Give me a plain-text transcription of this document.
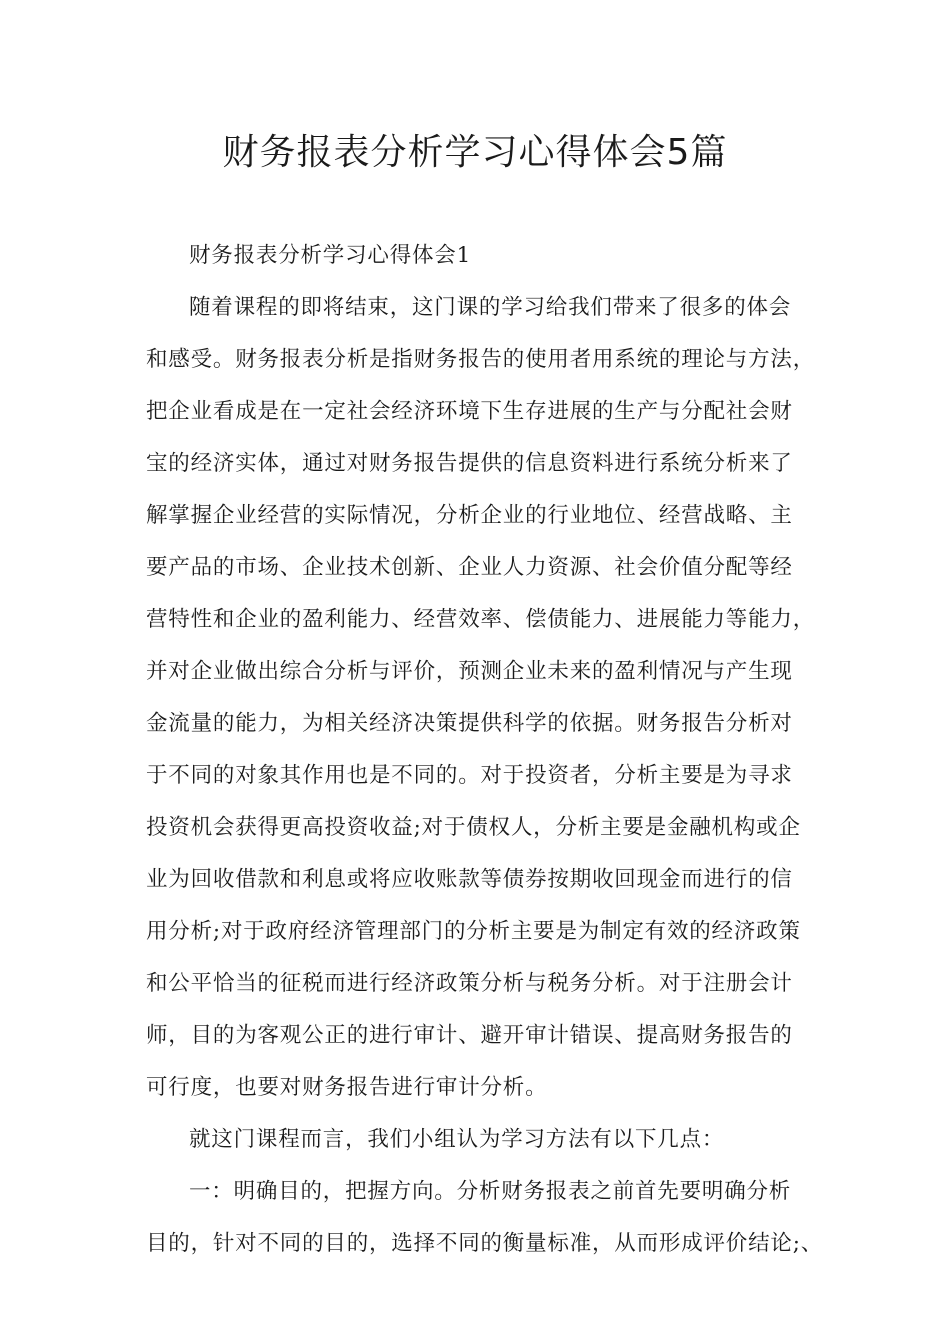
财务报表分析学习心得体会5篇
财务报表分析学习心得体会1
随着课程的即将结束，这门课的学习给我们带来了很多的体会
和感受。财务报表分析是指财务报告的使用者用系统的理论与方法，
把企业看成是在一定社会经济环境下生存进展的生产与分配社会财
宝的经济实体，通过对财务报告提供的信息资料进行系统分析来了
解掌握企业经营的实际情况，分析企业的行业地位、经营战略、主
要产品的市场、企业技术创新、企业人力资源、社会价值分配等经
营特性和企业的盈利能力、经营效率、偿债能力、进展能力等能力，
并对企业做出综合分析与评价，预测企业未来的盈利情况与产生现
金流量的能力，为相关经济决策提供科学的依据。财务报告分析对
于不同的对象其作用也是不同的。对于投资者，分析主要是为寻求
投资机会获得更高投资收益;对于债权人，分析主要是金融机构或企
业为回收借款和利息或将应收账款等债券按期收回现金而进行的信
用分析;对于政府经济管理部门的分析主要是为制定有效的经济政策
和公平恰当的征税而进行经济政策分析与税务分析。对于注册会计
师，目的为客观公正的进行审计、避开审计错误、提高财务报告的
可行度，也要对财务报告进行审计分析。
就这门课程而言，我们小组认为学习方法有以下几点：
一：明确目的，把握方向。分析财务报表之前首先要明确分析
目的，针对不同的目的，选择不同的衡量标准，从而形成评价结论;、
